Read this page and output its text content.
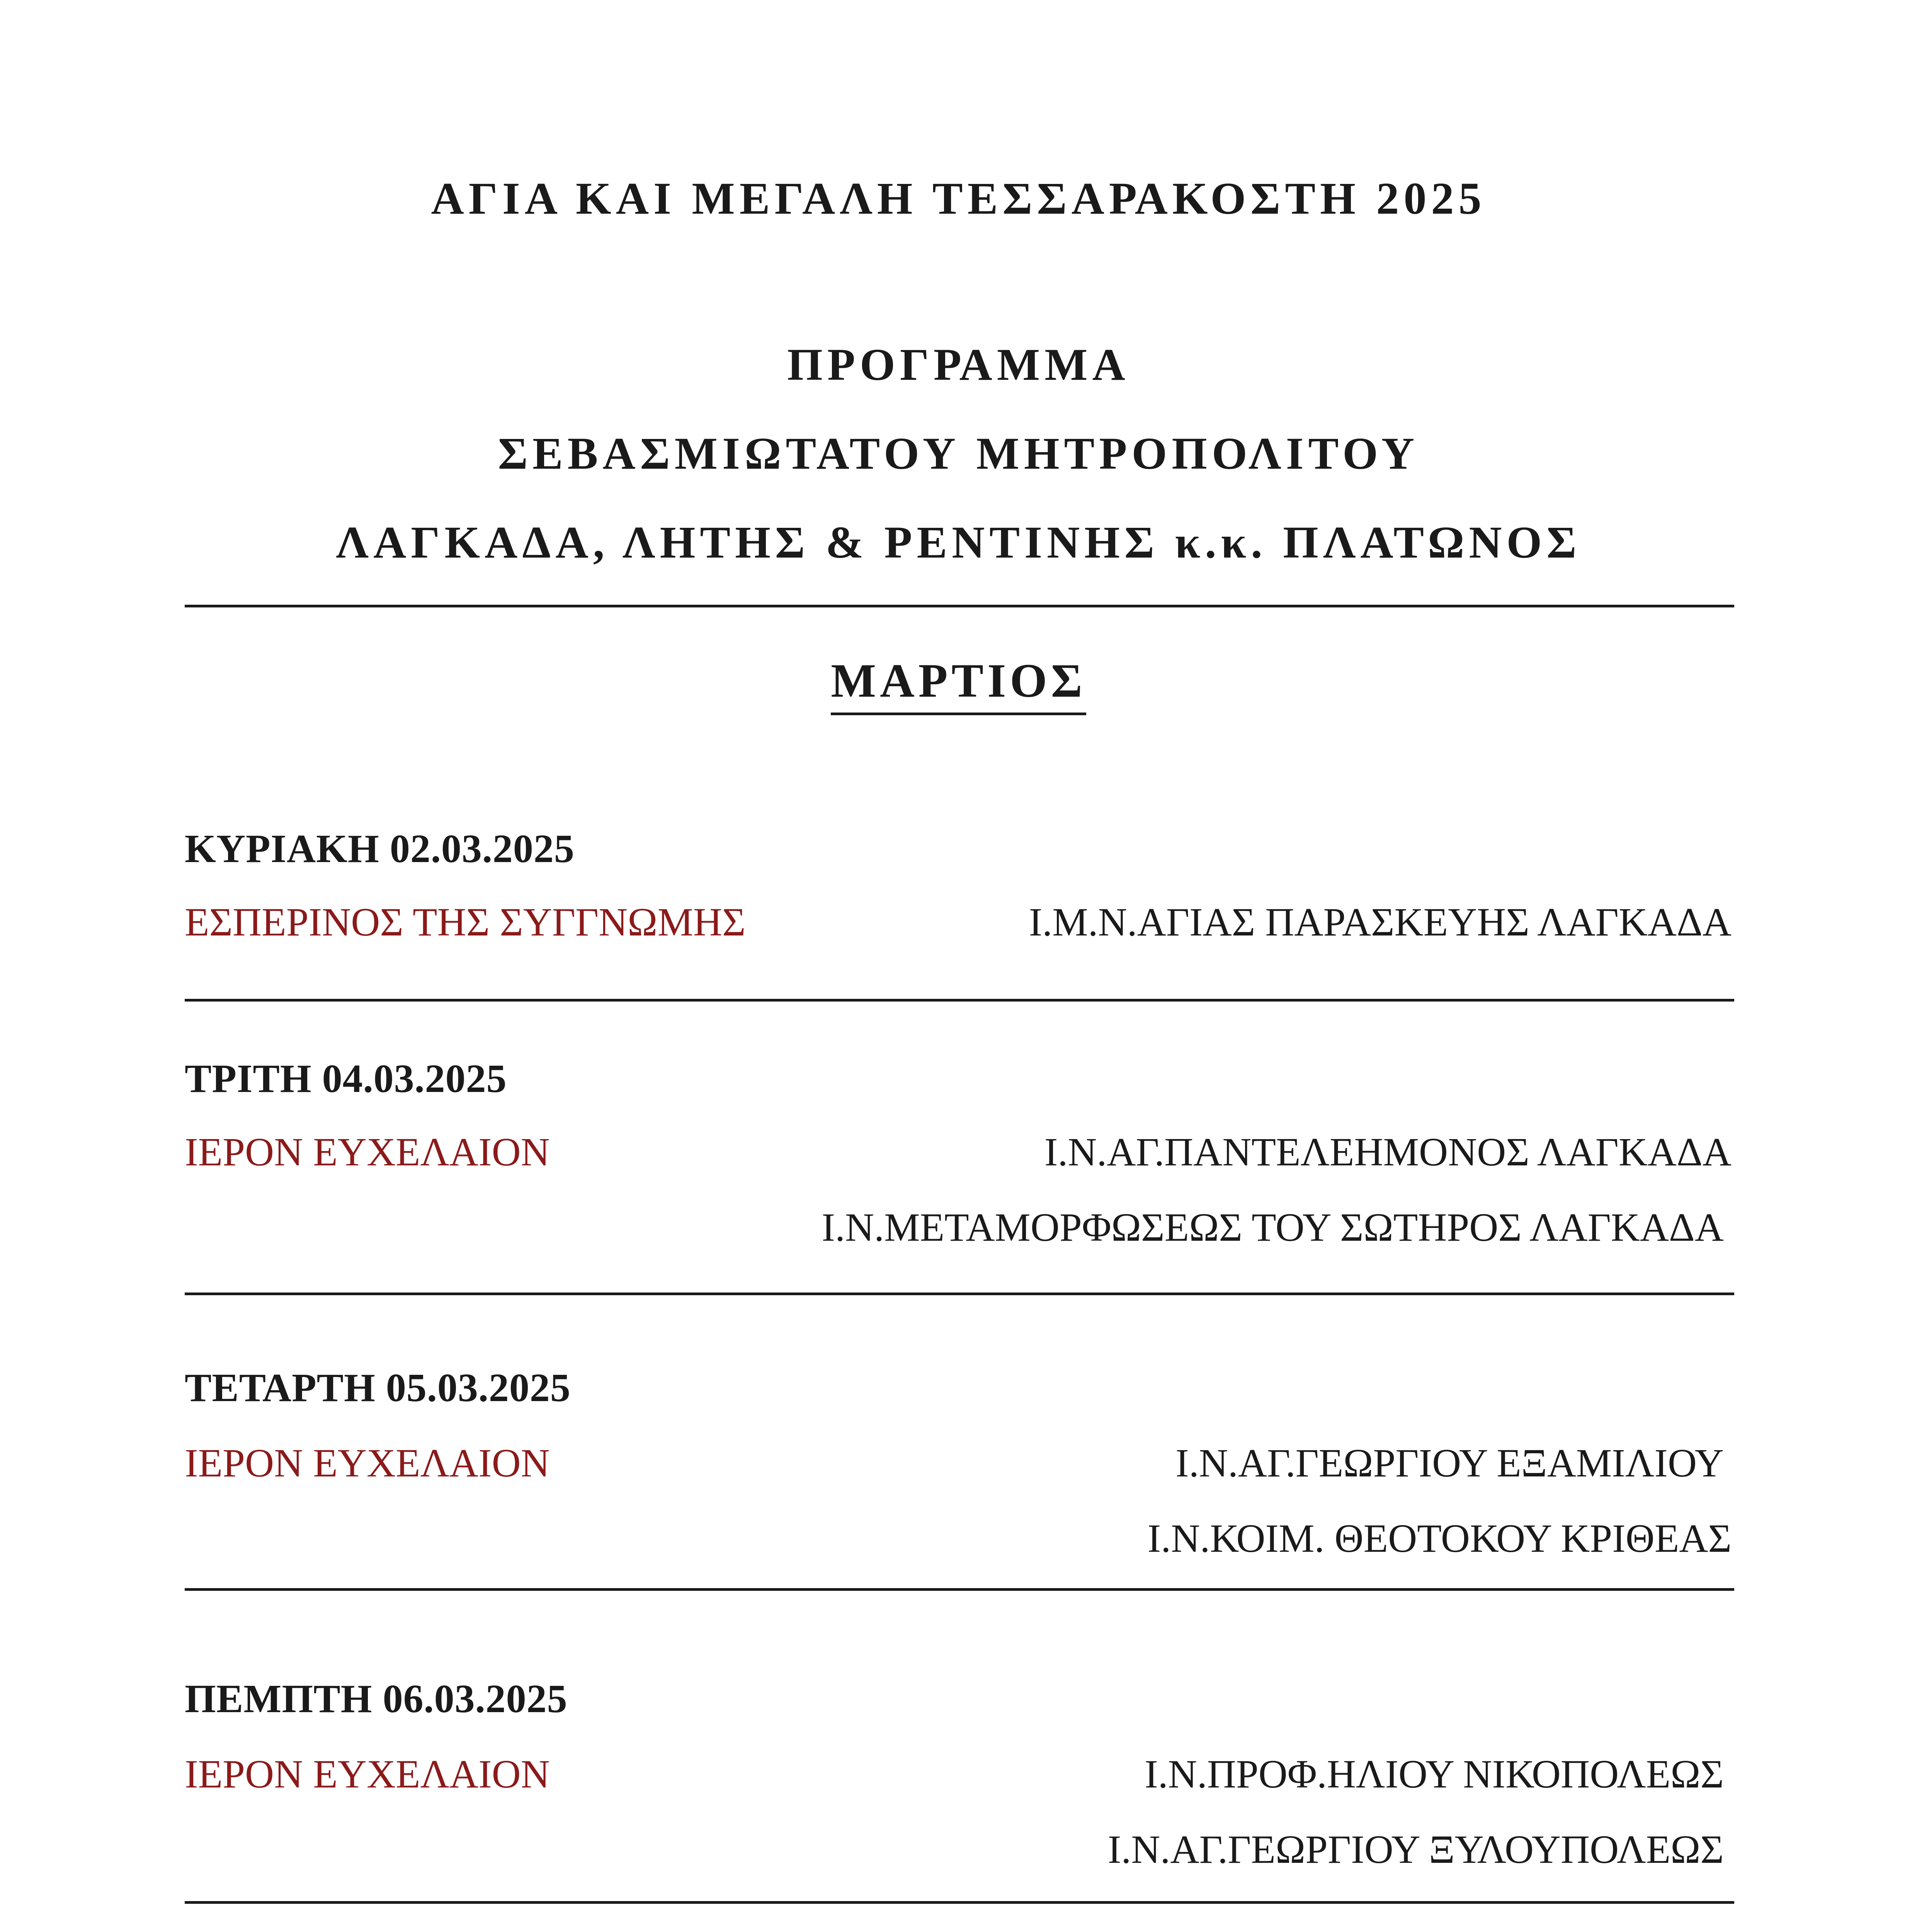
ΑΓΙΑ ΚΑΙ ΜΕΓΑΛΗ ΤΕΣΣΑΡΑΚΟΣΤΗ 2025
ΠΡΟΓΡΑΜΜΑ
ΣΕΒΑΣΜΙΩΤΑΤΟΥ ΜΗΤΡΟΠΟΛΙΤΟΥ
ΛΑΓΚΑΔΑ, ΛΗΤΗΣ & ΡΕΝΤΙΝΗΣ κ.κ. ΠΛΑΤΩΝΟΣ
ΜΑΡΤΙΟΣ
ΚΥΡΙΑΚΗ 02.03.2025
ΕΣΠΕΡΙΝΟΣ ΤΗΣ ΣΥΓΓΝΩΜΗΣ	Ι.Μ.Ν.ΑΓΙΑΣ ΠΑΡΑΣΚΕΥΗΣ ΛΑΓΚΑΔΑ
ΤΡΙΤΗ 04.03.2025
ΙΕΡΟΝ ΕΥΧΕΛΑΙΟΝ	Ι.Ν.ΑΓ.ΠΑΝΤΕΛΕΗΜΟΝΟΣ ΛΑΓΚΑΔΑ
Ι.Ν.ΜΕΤΑΜΟΡΦΩΣΕΩΣ ΤΟΥ ΣΩΤΗΡΟΣ ΛΑΓΚΑΔΑ
ΤΕΤΑΡΤΗ 05.03.2025
ΙΕΡΟΝ ΕΥΧΕΛΑΙΟΝ	Ι.Ν.ΑΓ.ΓΕΩΡΓΙΟΥ ΕΞΑΜΙΛΙΟΥ
Ι.Ν.ΚΟΙΜ. ΘΕΟΤΟΚΟΥ ΚΡΙΘΕΑΣ
ΠΕΜΠΤΗ 06.03.2025
ΙΕΡΟΝ ΕΥΧΕΛΑΙΟΝ	Ι.Ν.ΠΡΟΦ.ΗΛΙΟΥ ΝΙΚΟΠΟΛΕΩΣ
Ι.Ν.ΑΓ.ΓΕΩΡΓΙΟΥ ΞΥΛΟΥΠΟΛΕΩΣ
